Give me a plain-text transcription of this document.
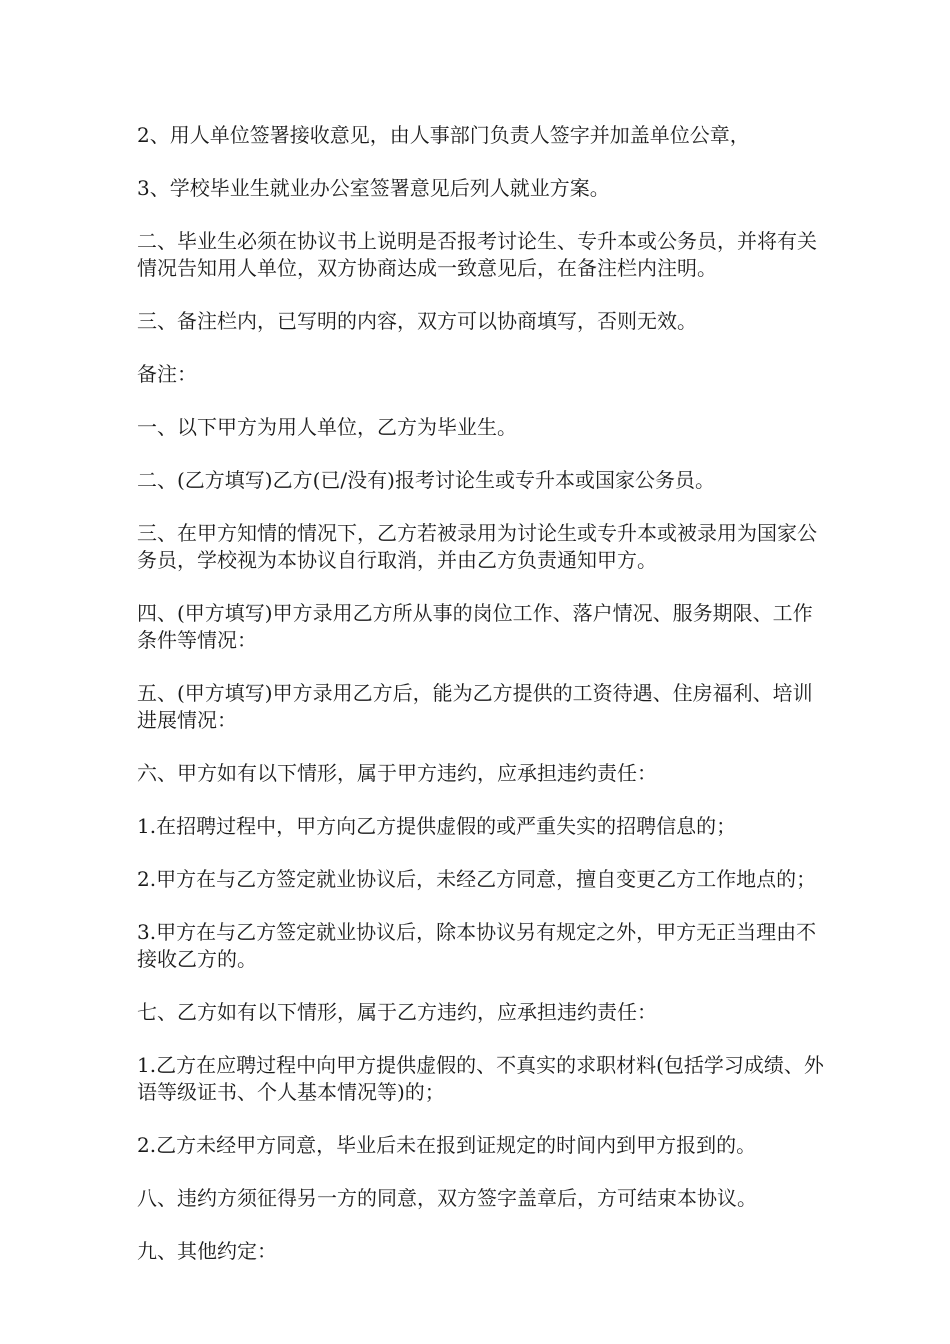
2、用人单位签署接收意见，由人事部门负责人签字并加盖单位公章，

3、学校毕业生就业办公室签署意见后列人就业方案。

二、毕业生必须在协议书上说明是否报考讨论生、专升本或公务员，并将有关情况告知用人单位，双方协商达成一致意见后，在备注栏内注明。

三、备注栏内，已写明的内容，双方可以协商填写，否则无效。

备注：

一、以下甲方为用人单位，乙方为毕业生。

二、(乙方填写)乙方(已/没有)报考讨论生或专升本或国家公务员。

三、在甲方知情的情况下，乙方若被录用为讨论生或专升本或被录用为国家公务员，学校视为本协议自行取消，并由乙方负责通知甲方。

四、(甲方填写)甲方录用乙方所从事的岗位工作、落户情况、服务期限、工作条件等情况：

五、(甲方填写)甲方录用乙方后，能为乙方提供的工资待遇、住房福利、培训进展情况：

六、甲方如有以下情形，属于甲方违约，应承担违约责任：

1.在招聘过程中，甲方向乙方提供虚假的或严重失实的招聘信息的；

2.甲方在与乙方签定就业协议后，未经乙方同意，擅自变更乙方工作地点的；

3.甲方在与乙方签定就业协议后，除本协议另有规定之外，甲方无正当理由不接收乙方的。

七、乙方如有以下情形，属于乙方违约，应承担违约责任：

1.乙方在应聘过程中向甲方提供虚假的、不真实的求职材料(包括学习成绩、外语等级证书、个人基本情况等)的；

2.乙方未经甲方同意，毕业后未在报到证规定的时间内到甲方报到的。

八、违约方须征得另一方的同意，双方签字盖章后，方可结束本协议。

九、其他约定：
